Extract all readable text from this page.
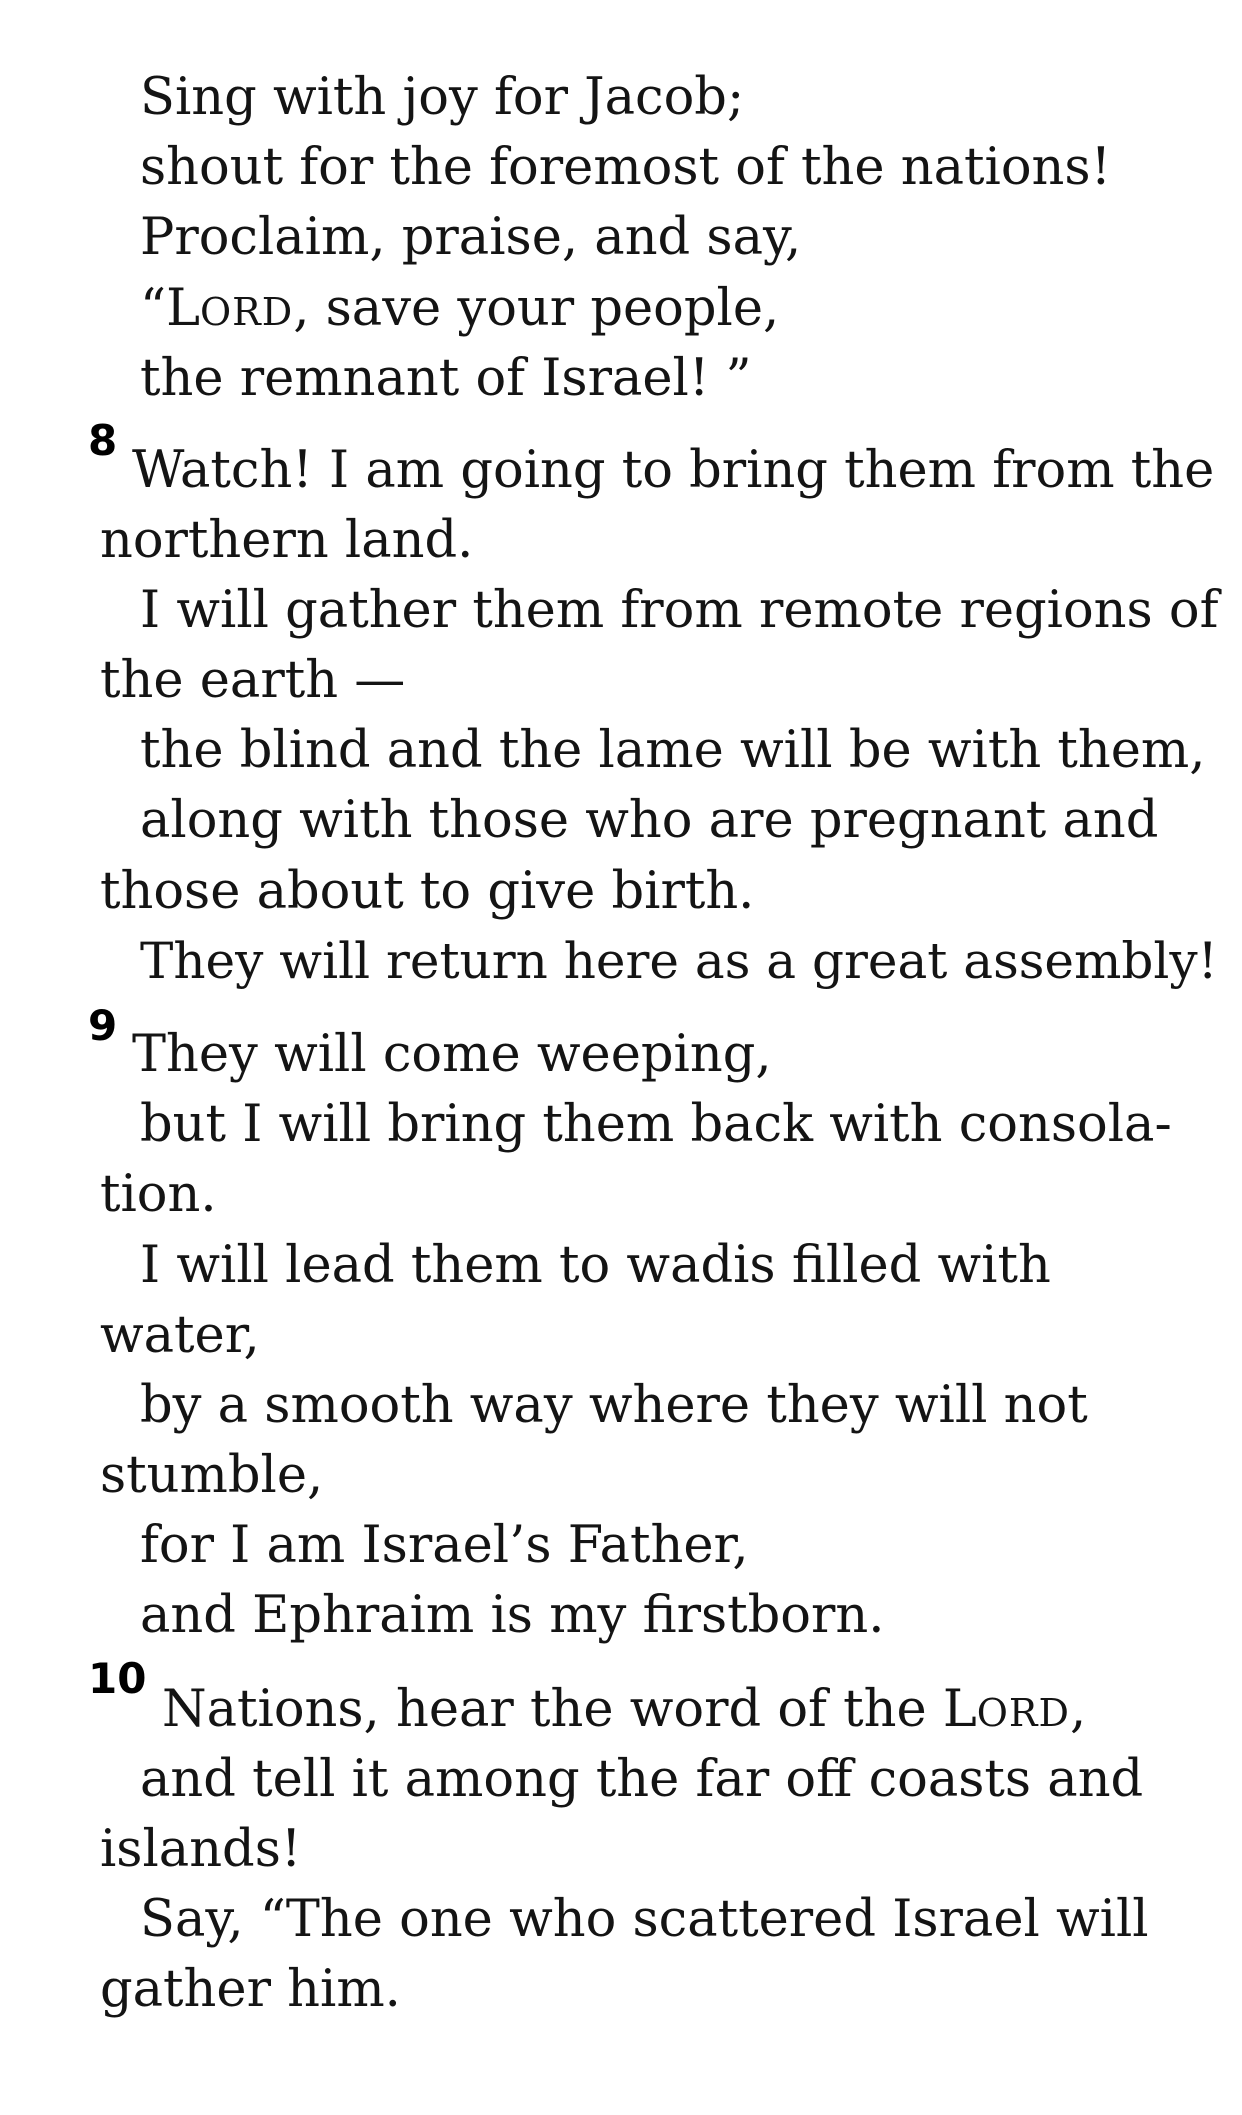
Sing with joy for Jacob;
shout for the foremost of the nations!
Proclaim, praise, and say,
“LORD, save your people,
the remnant of Israel! ”
8
Watch! I am going to bring them from the
northern land.
I will gather them from remote regions of
the earth —
the blind and the lame will be with them,
along with those who are pregnant and
those about to give birth.
They will return here as a great assembly!
9 They will come weeping,
but I will bring them back with consola-
tion.
I will lead them to wadis filled with
water,
by a smooth way where they will not
stumble,
for I am Israel’s Father,
and Ephraim is my firstborn.
10
Nations, hear the word of the LORD,
and tell it among the far off coasts and
islands!
Say, “The one who scattered Israel will
gather him.
